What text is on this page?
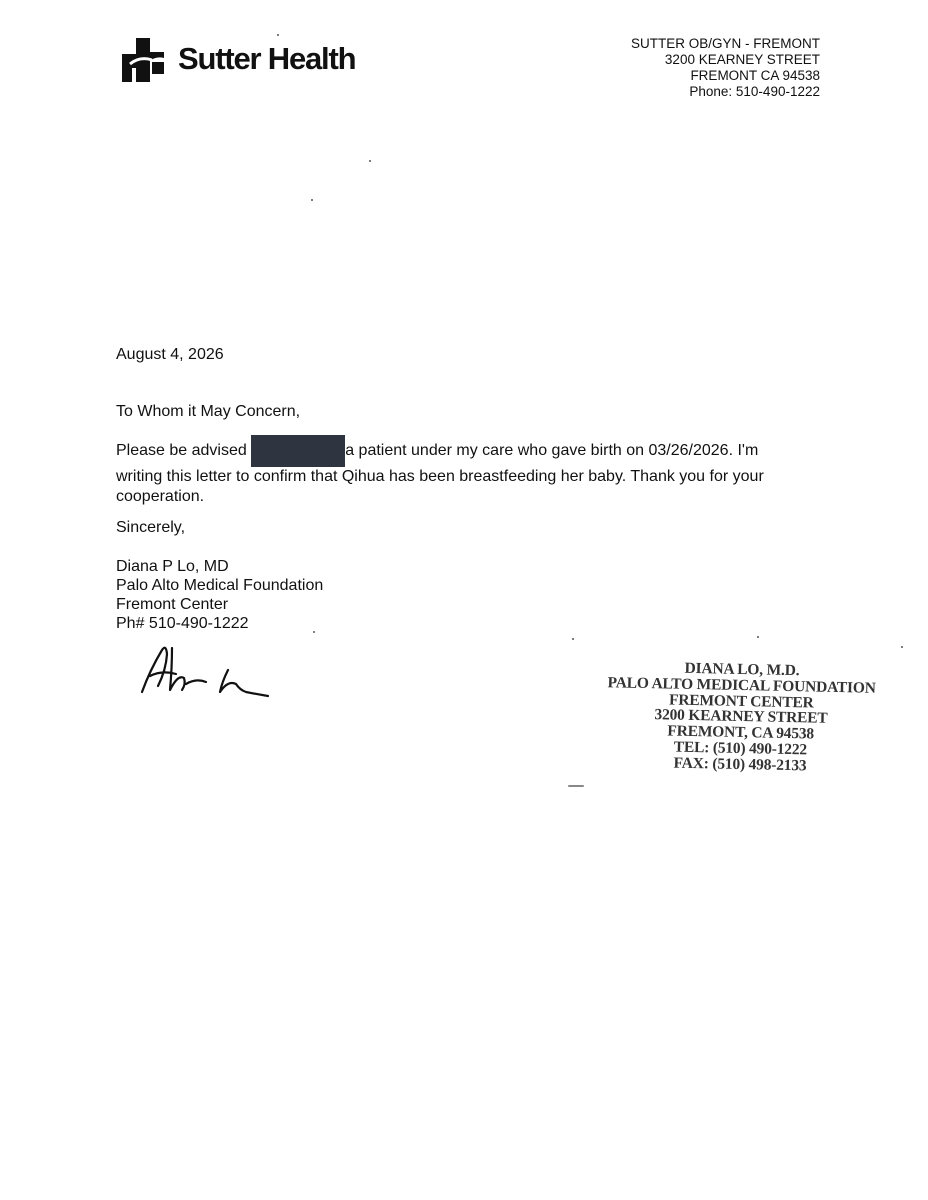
Sutter Health	SUTTER OB/GYN - FREMONT
3200 KEARNEY STREET
FREMONT CA 94538
Phone: 510-490-1222
August 4, 2026
To Whom it May Concern,
Please be advised	a patient under my care who gave birth on 03/26/2026. I'm writing this letter to confirm that Qihua has been breastfeeding her baby. Thank you for your cooperation.
Sincerely,
Diana P Lo, MD
Palo Alto Medical Foundation
Fremont Center
Ph# 510-490-1222
DIANA LO, M.D.
PALO ALTO MEDICAL FOUNDATION
FREMONT CENTER
3200 KEARNEY STREET
FREMONT, CA 94538
TEL: (510) 490-1222
FAX: (510) 498-2133
